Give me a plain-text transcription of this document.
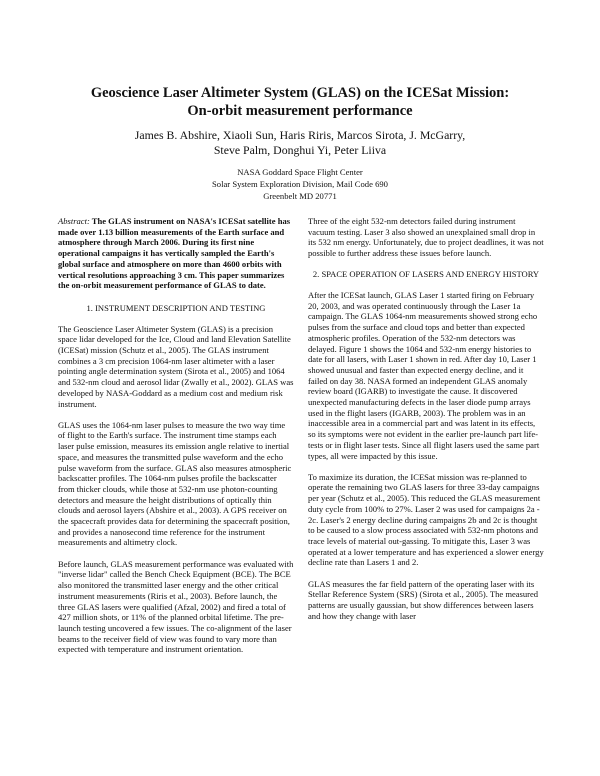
Geoscience Laser Altimeter System (GLAS) on the ICESat Mission:
On-orbit measurement performance
James B. Abshire, Xiaoli Sun, Haris Riris, Marcos Sirota, J. McGarry,
Steve Palm, Donghui Yi, Peter Liiva
NASA Goddard Space Flight Center
Solar System Exploration Division, Mail Code 690
Greenbelt MD 20771

Abstract: The GLAS instrument on NASA's ICESat satellite has made over 1.13 billion measurements of the Earth surface and atmosphere through March 2006. During its first nine operational campaigns it has vertically sampled the Earth's global surface and atmosphere on more than 4600 orbits with vertical resolutions approaching 3 cm. This paper summarizes the on-orbit measurement performance of GLAS to date.

1. INSTRUMENT DESCRIPTION AND TESTING

The Geoscience Laser Altimeter System (GLAS) is a precision space lidar developed for the Ice, Cloud and land Elevation Satellite (ICESat) mission (Schutz et al., 2005). The GLAS instrument combines a 3 cm precision 1064-nm laser altimeter with a laser pointing angle determination system (Sirota et al., 2005) and 1064 and 532-nm cloud and aerosol lidar (Zwally et al., 2002). GLAS was developed by NASA-Goddard as a medium cost and medium risk instrument.

GLAS uses the 1064-nm laser pulses to measure the two way time of flight to the Earth's surface. The instrument time stamps each laser pulse emission, measures its emission angle relative to inertial space, and measures the transmitted pulse waveform and the echo pulse waveform from the surface. GLAS also measures atmospheric backscatter profiles. The 1064-nm pulses profile the backscatter from thicker clouds, while those at 532-nm use photon-counting detectors and measure the height distributions of optically thin clouds and aerosol layers (Abshire et al., 2003). A GPS receiver on the spacecraft provides data for determining the spacecraft position, and provides a nanosecond time reference for the instrument measurements and altimetry clock.

Before launch, GLAS measurement performance was evaluated with "inverse lidar" called the Bench Check Equipment (BCE). The BCE also monitored the transmitted laser energy and the other critical instrument measurements (Riris et al., 2003). Before launch, the three GLAS lasers were qualified (Afzal, 2002) and fired a total of 427 million shots, or 11% of the planned orbital lifetime. The pre-launch testing uncovered a few issues. The co-alignment of the laser beams to the receiver field of view was found to vary more than expected with temperature and instrument orientation.

Three of the eight 532-nm detectors failed during instrument vacuum testing. Laser 3 also showed an unexplained small drop in its 532 nm energy. Unfortunately, due to project deadlines, it was not possible to further address these issues before launch.

2. SPACE OPERATION OF LASERS AND ENERGY HISTORY

After the ICESat launch, GLAS Laser 1 started firing on February 20, 2003, and was operated continuously through the Laser 1a campaign. The GLAS 1064-nm measurements showed strong echo pulses from the surface and cloud tops and better than expected atmospheric profiles. Operation of the 532-nm detectors was delayed. Figure 1 shows the 1064 and 532-nm energy histories to date for all lasers, with Laser 1 shown in red. After day 10, Laser 1 showed unusual and faster than expected energy decline, and it failed on day 38. NASA formed an independent GLAS anomaly review board (IGARB) to investigate the cause. It discovered unexpected manufacturing defects in the laser diode pump arrays used in the flight lasers (IGARB, 2003). The problem was in an inaccessible area in a commercial part and was latent in its effects, so its symptoms were not evident in the earlier pre-launch part life-tests or in flight laser tests. Since all flight lasers used the same part types, all were impacted by this issue.

To maximize its duration, the ICESat mission was re-planned to operate the remaining two GLAS lasers for three 33-day campaigns per year (Schutz et al., 2005). This reduced the GLAS measurement duty cycle from 100% to 27%. Laser 2 was used for campaigns 2a - 2c. Laser's 2 energy decline during campaigns 2b and 2c is thought to be caused to a slow process associated with 532-nm photons and trace levels of material out-gassing. To mitigate this, Laser 3 was operated at a lower temperature and has experienced a slower energy decline rate than Lasers 1 and 2.

GLAS measures the far field pattern of the operating laser with its Stellar Reference System (SRS) (Sirota et al., 2005). The measured patterns are usually gaussian, but show differences between lasers and how they change with laser
